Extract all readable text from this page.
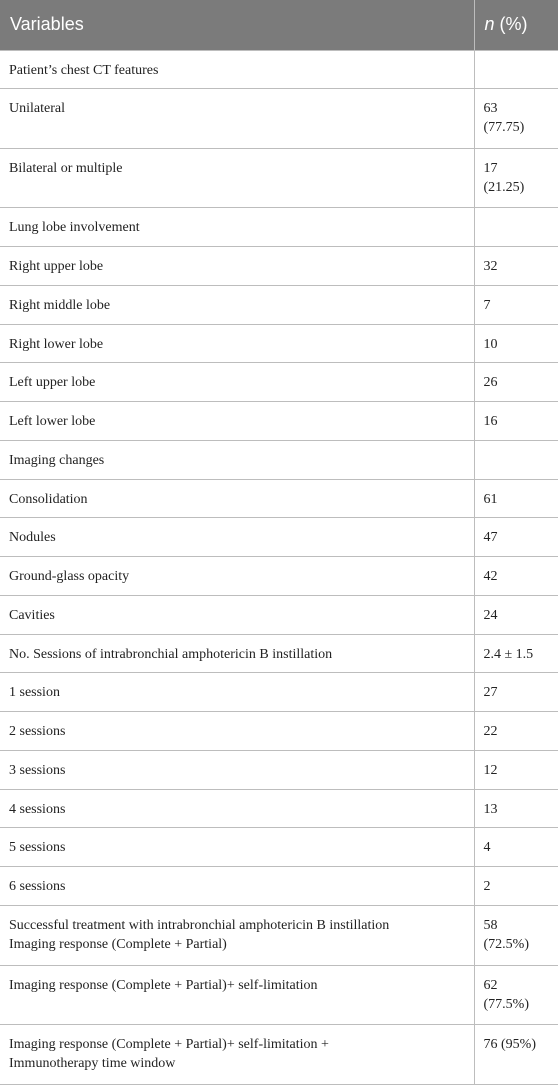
Variables	n (%)
Patient’s chest CT features	
Unilateral	63
(77.75)
Bilateral or multiple	17
(21.25)
Lung lobe involvement	
Right upper lobe	32
Right middle lobe	7
Right lower lobe	10
Left upper lobe	26
Left lower lobe	16
Imaging changes	
Consolidation	61
Nodules	47
Ground-glass opacity	42
Cavities	24
No. Sessions of intrabronchial amphotericin B instillation	2.4 ± 1.5
1 session	27
2 sessions	22
3 sessions	12
4 sessions	13
5 sessions	4
6 sessions	2
Successful treatment with intrabronchial amphotericin B instillation
Imaging response (Complete + Partial)	58
(72.5%)
Imaging response (Complete + Partial)+ self-limitation	62
(77.5%)
Imaging response (Complete + Partial)+ self-limitation +
Immunotherapy time window	76 (95%)
